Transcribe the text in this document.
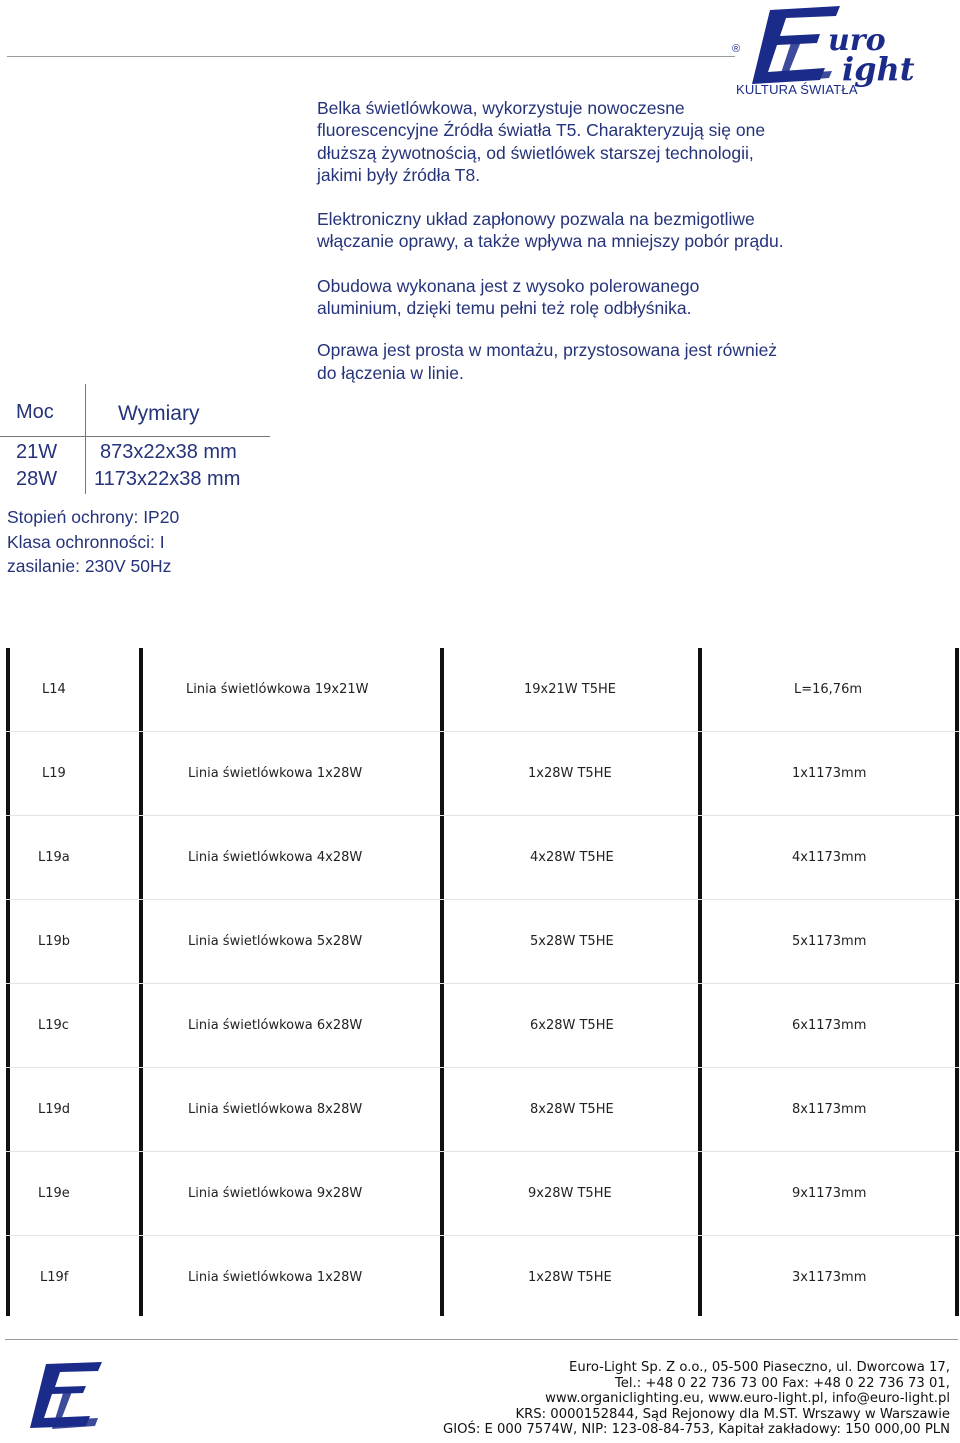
uro
ight
®
KULTURA ŚWIATŁA

Belka świetlówkowa, wykorzystuje nowoczesne fluorescencyjne Źródła światła T5. Charakteryzują się one dłuższą żywotnością, od świetlówek starszej technologii, jakimi były źródła T8.

Elektroniczny układ zapłonowy pozwala na bezmigotliwe włączanie oprawy, a także wpływa na mniejszy pobór prądu.

Obudowa wykonana jest z wysoko polerowanego aluminium, dzięki temu pełni też rolę odbłyśnika.

Oprawa jest prosta w montażu, przystosowana jest również do łączenia w linie.

Moc	Wymiary
21W 873x22x38 mm
28W 1173x22x38 mm
Stopień ochrony: IP20
Klasa ochronności: I
zasilanie: 230V 50Hz
L14	Linia świetlówkowa 19x21W	19x21W T5HE	L=16,76m
L19	Linia świetlówkowa 1x28W	1x28W T5HE	1x1173mm
L19a	Linia świetlówkowa 4x28W	4x28W T5HE	4x1173mm
L19b	Linia świetlówkowa 5x28W	5x28W T5HE	5x1173mm
L19c	Linia świetlówkowa 6x28W	6x28W T5HE	6x1173mm
L19d	Linia świetlówkowa 8x28W	8x28W T5HE	8x1173mm
L19e	Linia świetlówkowa 9x28W	9x28W T5HE	9x1173mm
L19f	Linia świetlówkowa 1x28W	1x28W T5HE	3x1173mm
Euro-Light Sp. Z o.o., 05-500 Piaseczno, ul. Dworcowa 17,
Tel.: +48 0 22 736 73 00 Fax: +48 0 22 736 73 01,
www.organiclighting.eu, www.euro-light.pl, info@euro-light.pl
KRS: 0000152844, Sąd Rejonowy dla M.ST. Wrszawy w Warszawie
GIOŚ: E 000 7574W, NIP: 123-08-84-753, Kapitał zakładowy: 150 000,00 PLN
